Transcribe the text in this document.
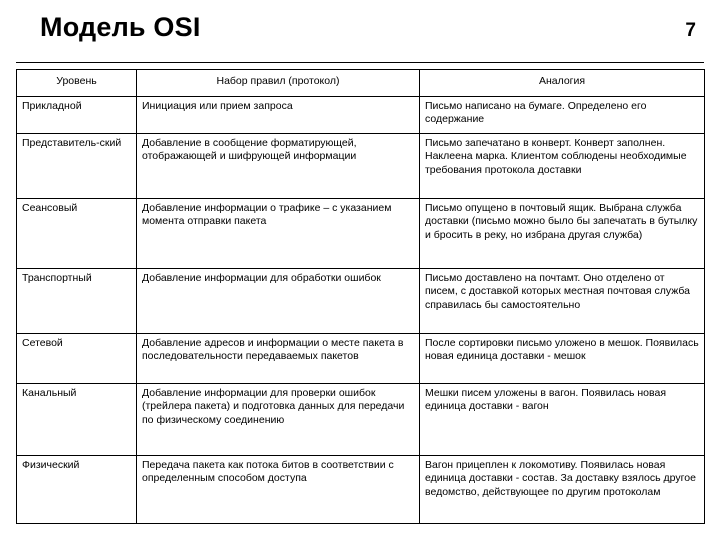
Модель OSI	7
Уровень	Набор правил (протокол)	Аналогия
Прикладной	Инициация или прием запроса	Письмо написано на бумаге. Определено его содержание
Представитель-ский	Добавление в сообщение форматирующей, отображающей и шифрующей информации	Письмо запечатано в конверт. Конверт заполнен. Наклеена марка. Клиентом соблюдены необходимые требования протокола доставки
Сеансовый	Добавление информации о трафике – с указанием момента отправки пакета	Письмо опущено в почтовый ящик. Выбрана служба доставки (письмо можно было бы запечатать в бутылку и бросить в реку, но избрана другая служба)
Транспортный	Добавление информации для обработки ошибок	Письмо доставлено на почтамт. Оно отделено от писем, с доставкой которых местная почтовая служба справилась бы самостоятельно
Сетевой	Добавление адресов и информации о месте пакета в последовательности передаваемых пакетов	После сортировки письмо уложено в мешок. Появилась новая единица доставки - мешок
Канальный	Добавление информации для проверки ошибок (трейлера пакета) и подготовка данных для передачи по физическому соединению	Мешки писем уложены в вагон. Появилась новая единица доставки - вагон
Физический	Передача пакета как потока битов в соответствии с определенным способом доступа	Вагон прицеплен к локомотиву. Появилась новая единица доставки - состав. За доставку взялось другое ведомство, действующее по другим протоколам
